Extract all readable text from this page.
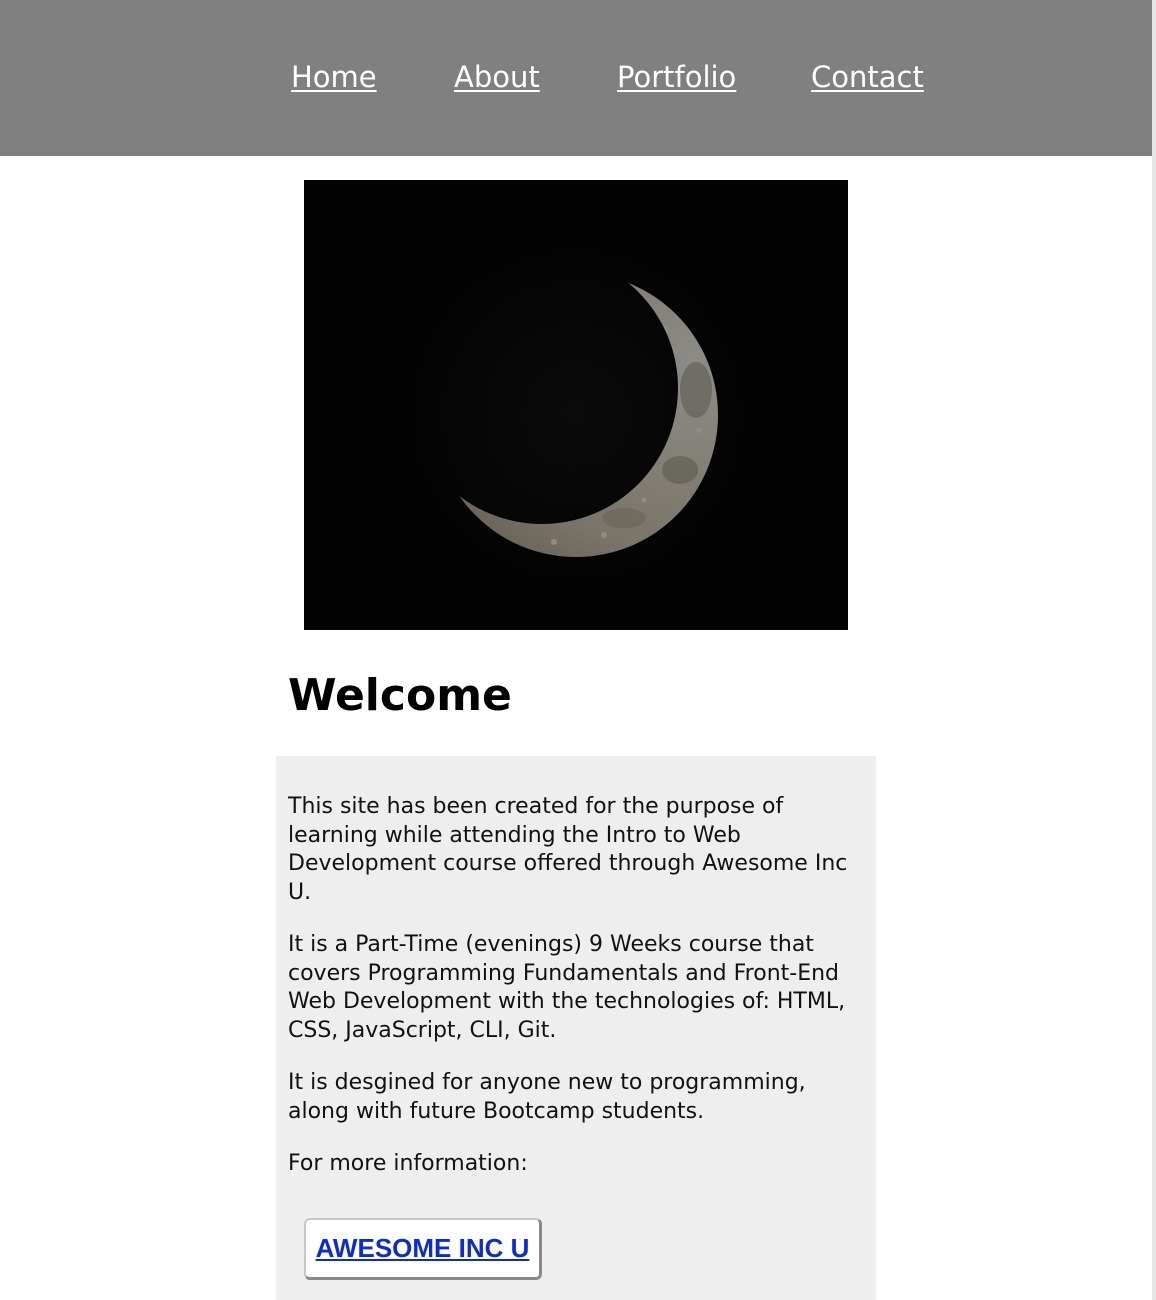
Home	About	Portfolio	Contact
Welcome

This site has been created for the purpose of learning while attending the Intro to Web Development course offered through Awesome Inc U.

It is a Part-Time (evenings) 9 Weeks course that covers Programming Fundamentals and Front-End Web Development with the technologies of: HTML, CSS, JavaScript, CLI, Git.

It is desgined for anyone new to programming, along with future Bootcamp students.

For more information:

AWESOME INC U
